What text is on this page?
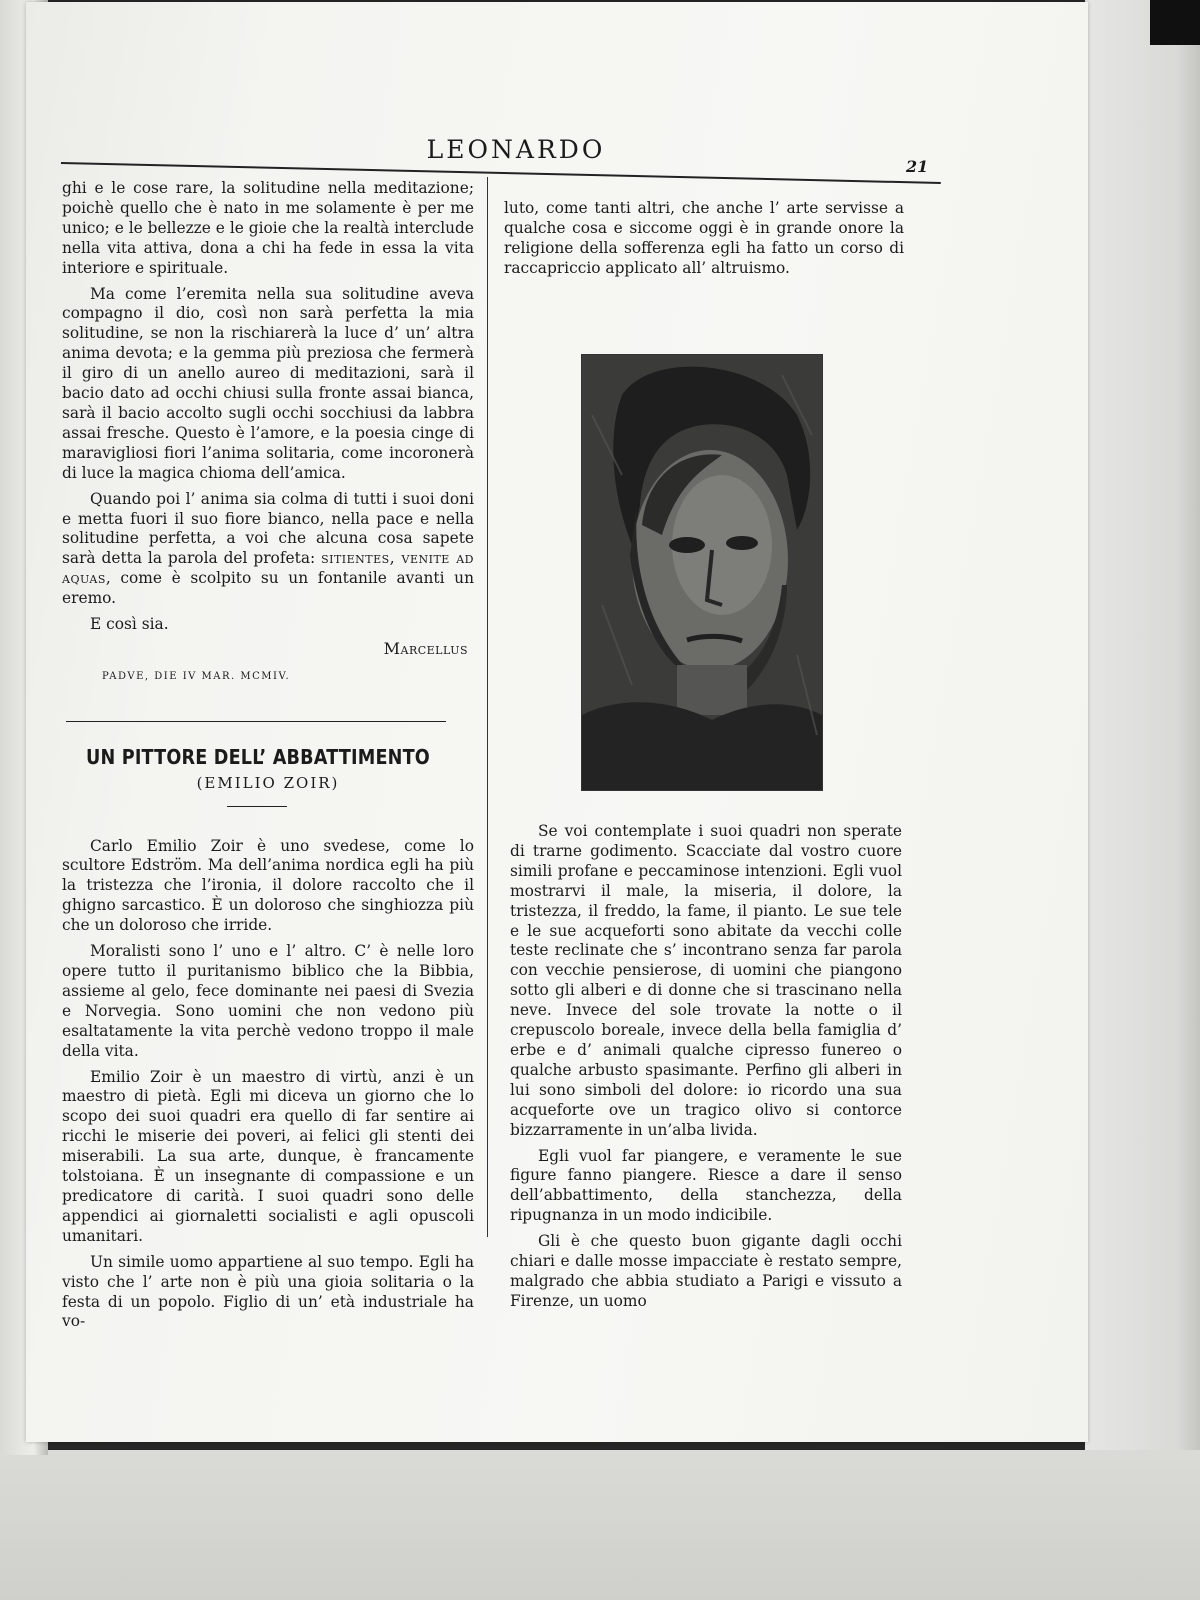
LEONARDO
21

ghi e le cose rare, la solitudine nella meditazione; poichè quello che è nato in me solamente è per me unico; e le bellezze e le gioie che la realtà interclude nella vita attiva, dona a chi ha fede in essa la vita interiore e spirituale.

Ma come l’eremita nella sua solitudine aveva compagno il dio, così non sarà perfetta la mia solitudine, se non la rischiarerà la luce d’ un’ altra anima devota; e la gemma più preziosa che fermerà il giro di un anello aureo di meditazioni, sarà il bacio dato ad occhi chiusi sulla fronte assai bianca, sarà il bacio accolto sugli occhi socchiusi da labbra assai fresche. Questo è l’amore, e la poesia cinge di maravigliosi fiori l’anima solitaria, come incoronerà di luce la magica chioma dell’amica.

Quando poi l’ anima sia colma di tutti i suoi doni e metta fuori il suo fiore bianco, nella pace e nella solitudine perfetta, a voi che alcuna cosa sapete sarà detta la parola del profeta: sitientes, venite ad aquas, come è scolpito su un fontanile avanti un eremo.

E così sia.

Marcellus
PADVE, DIE IV MAR. MCMIV.
UN PITTORE DELL’ ABBATTIMENTO
(EMILIO ZOIR)

Carlo Emilio Zoir è uno svedese, come lo scultore Edström. Ma dell’anima nordica egli ha più la tristezza che l’ironia, il dolore raccolto che il ghigno sarcastico. È un doloroso che singhiozza più che un doloroso che irride.

Moralisti sono l’ uno e l’ altro. C’ è nelle loro opere tutto il puritanismo biblico che la Bibbia, assieme al gelo, fece dominante nei paesi di Svezia e Norvegia. Sono uomini che non vedono più esaltatamente la vita perchè vedono troppo il male della vita.

Emilio Zoir è un maestro di virtù, anzi è un maestro di pietà. Egli mi diceva un giorno che lo scopo dei suoi quadri era quello di far sentire ai ricchi le miserie dei poveri, ai felici gli stenti dei miserabili. La sua arte, dunque, è francamente tolstoiana. È un insegnante di compassione e un predicatore di carità. I suoi quadri sono delle appendici ai giornaletti socialisti e agli opuscoli umanitari.

Un simile uomo appartiene al suo tempo. Egli ha visto che l’ arte non è più una gioia solitaria o la festa di un popolo. Figlio di un’ età industriale ha vo-

luto, come tanti altri, che anche l’ arte servisse a qualche cosa e siccome oggi è in grande onore la religione della sofferenza egli ha fatto un corso di raccapriccio applicato all’ altruismo.

Se voi contemplate i suoi quadri non sperate di trarne godimento. Scacciate dal vostro cuore simili profane e peccaminose intenzioni. Egli vuol mostrarvi il male, la miseria, il dolore, la tristezza, il freddo, la fame, il pianto. Le sue tele e le sue acqueforti sono abitate da vecchi colle teste reclinate che s’ incontrano senza far parola con vecchie pensierose, di uomini che piangono sotto gli alberi e di donne che si trascinano nella neve. Invece del sole trovate la notte o il crepuscolo boreale, invece della bella famiglia d’ erbe e d’ animali qualche cipresso funereo o qualche arbusto spasimante. Perfino gli alberi in lui sono simboli del dolore: io ricordo una sua acqueforte ove un tragico olivo si contorce bizzarramente in un’alba livida.

Egli vuol far piangere, e veramente le sue figure fanno piangere. Riesce a dare il senso dell’abbattimento, della stanchezza, della ripugnanza in un modo indicibile.

Gli è che questo buon gigante dagli occhi chiari e dalle mosse impacciate è restato sempre, malgrado che abbia studiato a Parigi e vissuto a Firenze, un uomo
